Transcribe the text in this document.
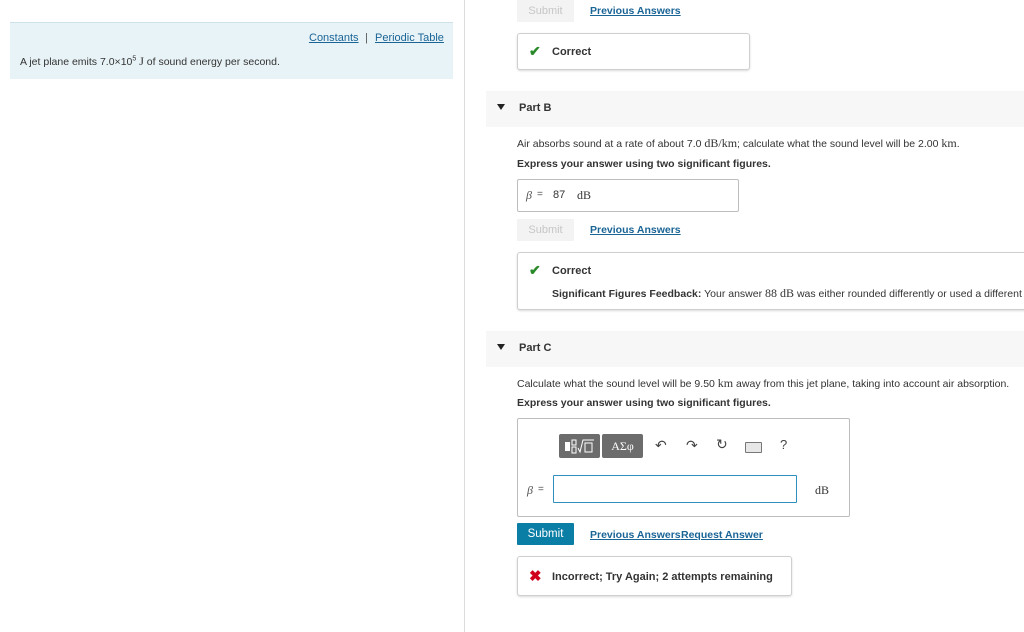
Constants | Periodic Table
A jet plane emits $7.0\times 10^5$ J of sound energy per second.
Submit	Previous Answers
✔ Correct
Part B
Air absorbs sound at a rate of about 7.0 dB/km; calculate what the sound level will be 2.00 km.
Express your answer using two significant figures.
β = 87 dB
Submit	Previous Answers
✔ Correct
Significant Figures Feedback: Your answer 88 dB was either rounded differently or used a different
Part C
Calculate what the sound level will be 9.50 km away from this jet plane, taking into account air absorption.
Express your answer using two significant figures.
ΑΣφ	↶ ↷ ↻	?
β =	dB
Submit	Previous Answers Request Answer
✖ Incorrect; Try Again; 2 attempts remaining
